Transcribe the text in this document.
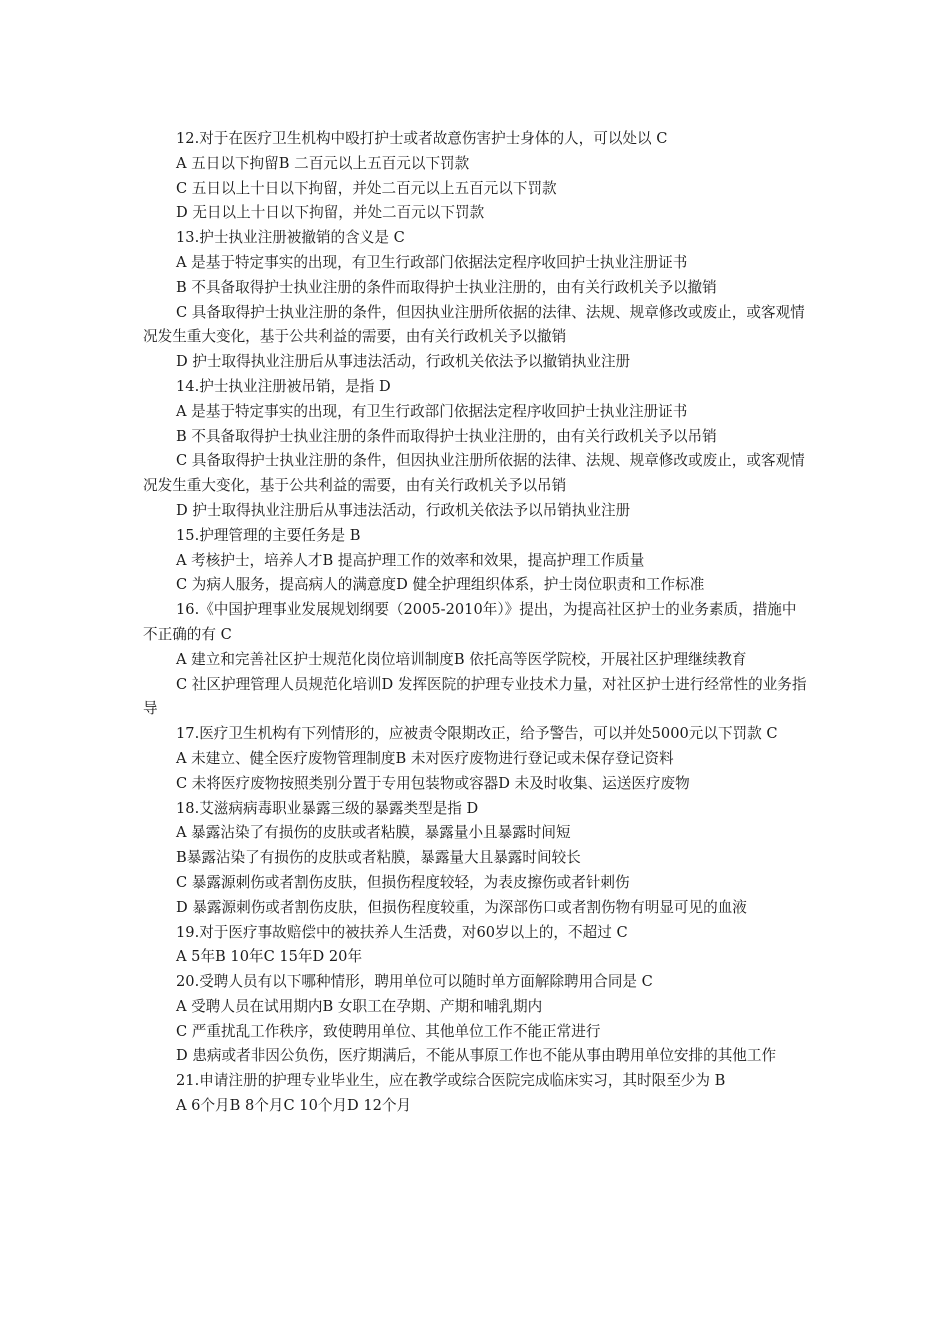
12.对于在医疗卫生机构中殴打护士或者故意伤害护士身体的人，可以处以 C

A 五日以下拘留B 二百元以上五百元以下罚款

C 五日以上十日以下拘留，并处二百元以上五百元以下罚款

D 无日以上十日以下拘留，并处二百元以下罚款

13.护士执业注册被撤销的含义是 C

A 是基于特定事实的出现，有卫生行政部门依据法定程序收回护士执业注册证书

B 不具备取得护士执业注册的条件而取得护士执业注册的，由有关行政机关予以撤销

C 具备取得护士执业注册的条件，但因执业注册所依据的法律、法规、规章修改或废止，或客观情况发生重大变化，基于公共利益的需要，由有关行政机关予以撤销

D 护士取得执业注册后从事违法活动，行政机关依法予以撤销执业注册

14.护士执业注册被吊销，是指 D

A 是基于特定事实的出现，有卫生行政部门依据法定程序收回护士执业注册证书

B 不具备取得护士执业注册的条件而取得护士执业注册的，由有关行政机关予以吊销

C 具备取得护士执业注册的条件，但因执业注册所依据的法律、法规、规章修改或废止，或客观情况发生重大变化，基于公共利益的需要，由有关行政机关予以吊销

D 护士取得执业注册后从事违法活动，行政机关依法予以吊销执业注册

15.护理管理的主要任务是 B

A 考核护士，培养人才B 提高护理工作的效率和效果，提高护理工作质量

C 为病人服务，提高病人的满意度D 健全护理组织体系，护士岗位职责和工作标准

16.《中国护理事业发展规划纲要（2005-2010年）》提出，为提高社区护士的业务素质，措施中不正确的有 C

A 建立和完善社区护士规范化岗位培训制度B 依托高等医学院校，开展社区护理继续教育

C 社区护理管理人员规范化培训D 发挥医院的护理专业技术力量，对社区护士进行经常性的业务指导

17.医疗卫生机构有下列情形的，应被责令限期改正，给予警告，可以并处5000元以下罚款 C

A 未建立、健全医疗废物管理制度B 未对医疗废物进行登记或未保存登记资料

C 未将医疗废物按照类别分置于专用包装物或容器D 未及时收集、运送医疗废物

18.艾滋病病毒职业暴露三级的暴露类型是指 D

A 暴露沾染了有损伤的皮肤或者粘膜，暴露量小且暴露时间短

B暴露沾染了有损伤的皮肤或者粘膜，暴露量大且暴露时间较长

C 暴露源刺伤或者割伤皮肤，但损伤程度较轻，为表皮擦伤或者针刺伤

D 暴露源刺伤或者割伤皮肤，但损伤程度较重，为深部伤口或者割伤物有明显可见的血液

19.对于医疗事故赔偿中的被扶养人生活费，对60岁以上的，不超过 C

A 5年B 10年C 15年D 20年

20.受聘人员有以下哪种情形，聘用单位可以随时单方面解除聘用合同是 C

A 受聘人员在试用期内B 女职工在孕期、产期和哺乳期内

C 严重扰乱工作秩序，致使聘用单位、其他单位工作不能正常进行

D 患病或者非因公负伤，医疗期满后，不能从事原工作也不能从事由聘用单位安排的其他工作

21.申请注册的护理专业毕业生，应在教学或综合医院完成临床实习，其时限至少为 B

A 6个月B 8个月C 10个月D 12个月
